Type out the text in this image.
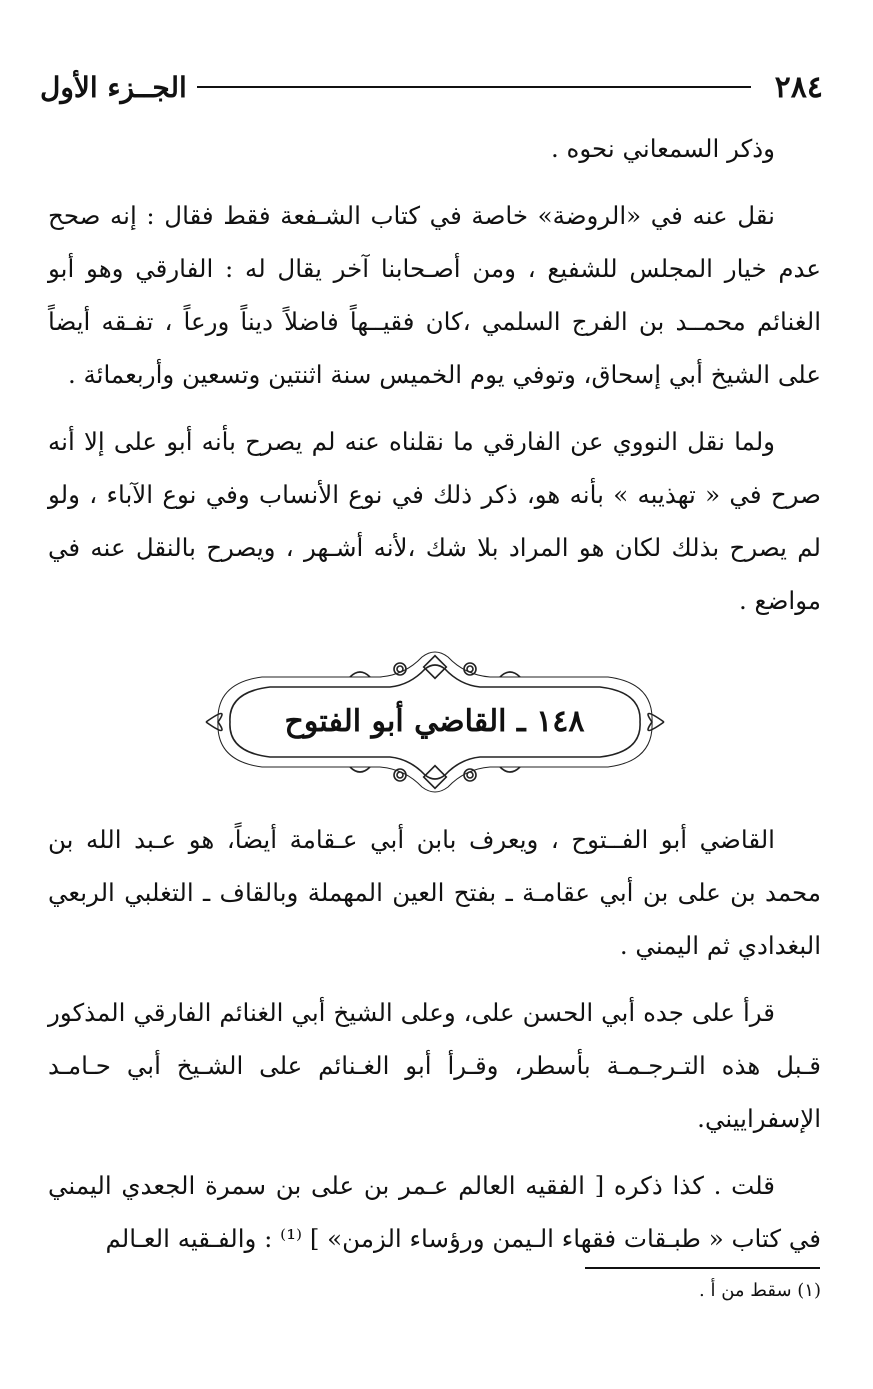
٢٨٤
الجــزء الأول

وذكر السمعاني نحوه .

نقل عنه في «الروضة» خاصة في كتاب الشـفعة فقط فقال : إنه صحح عدم خيار المجلس للشفيع ، ومن أصـحابنا آخر يقال له : الفارقي وهو أبو الغنائم محمــد بن الفرج السلمي ،كان فقيــهاً فاضلاً ديناً ورعاً ، تفـقه أيضاً على الشيخ أبي إسحاق، وتوفي يوم الخميس سنة اثنتين وتسعين وأربعمائة .

ولما نقل النووي عن الفارقي ما نقلناه عنه لم يصرح بأنه أبو على إلا أنه صرح في « تهذيبه » بأنه هو، ذكر ذلك في نوع الأنساب وفي نوع الآباء ، ولو لم يصرح بذلك لكان هو المراد بلا شك ،لأنه أشـهر ، ويصرح بالنقل عنه في مواضع .

١٤٨ ـ القاضي أبو الفتوح

القاضي أبو الفــتوح ، ويعرف بابن أبي عـقامة أيضاً، هو عـبد الله بن محمد بن على بن أبي عقامـة ـ بفتح العين المهملة وبالقاف ـ التغلبي الربعي البغدادي ثم اليمني .

قرأ على جده أبي الحسن على، وعلى الشيخ أبي الغنائم الفارقي المذكور قـبل هذه التـرجـمـة بأسطر، وقـرأ أبو الغـنائم على الشـيخ أبي حـامـد الإسفراييني.

قلت . كذا ذكره [ الفقيه العالم عـمر بن على بن سمرة الجعدي اليمني في كتاب « طبـقات فقهاء الـيمن ورؤساء الزمن» ] ⁽¹⁾ : والفـقيه العـالم

(١) سقط من أ .
